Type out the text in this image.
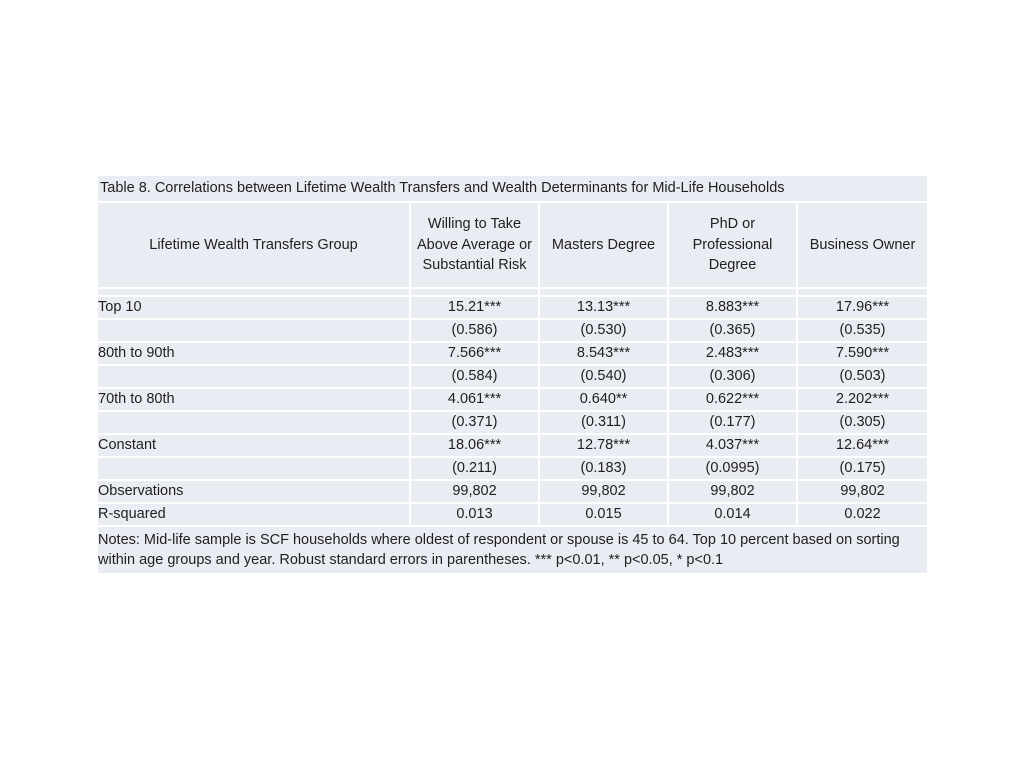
Table 8. Correlations between Lifetime Wealth Transfers and Wealth Determinants for Mid-Life Households				
Lifetime Wealth Transfers Group	Willing to Take Above Average or Substantial Risk	Masters Degree	PhD or Professional Degree	Business Owner

Top 10	15.21***	13.13***	8.883***	17.96***
	(0.586)	(0.530)	(0.365)	(0.535)
80th to 90th	7.566***	8.543***	2.483***	7.590***
	(0.584)	(0.540)	(0.306)	(0.503)
70th to 80th	4.061***	0.640**	0.622***	2.202***
	(0.371)	(0.311)	(0.177)	(0.305)
Constant	18.06***	12.78***	4.037***	12.64***
	(0.211)	(0.183)	(0.0995)	(0.175)
Observations	99,802	99,802	99,802	99,802
R-squared	0.013	0.015	0.014	0.022
Notes: Mid-life sample is SCF households where oldest of respondent or spouse is 45 to 64. Top 10 percent based on sorting within age groups and year. Robust standard errors in parentheses. *** p<0.01, ** p<0.05, * p<0.1				
